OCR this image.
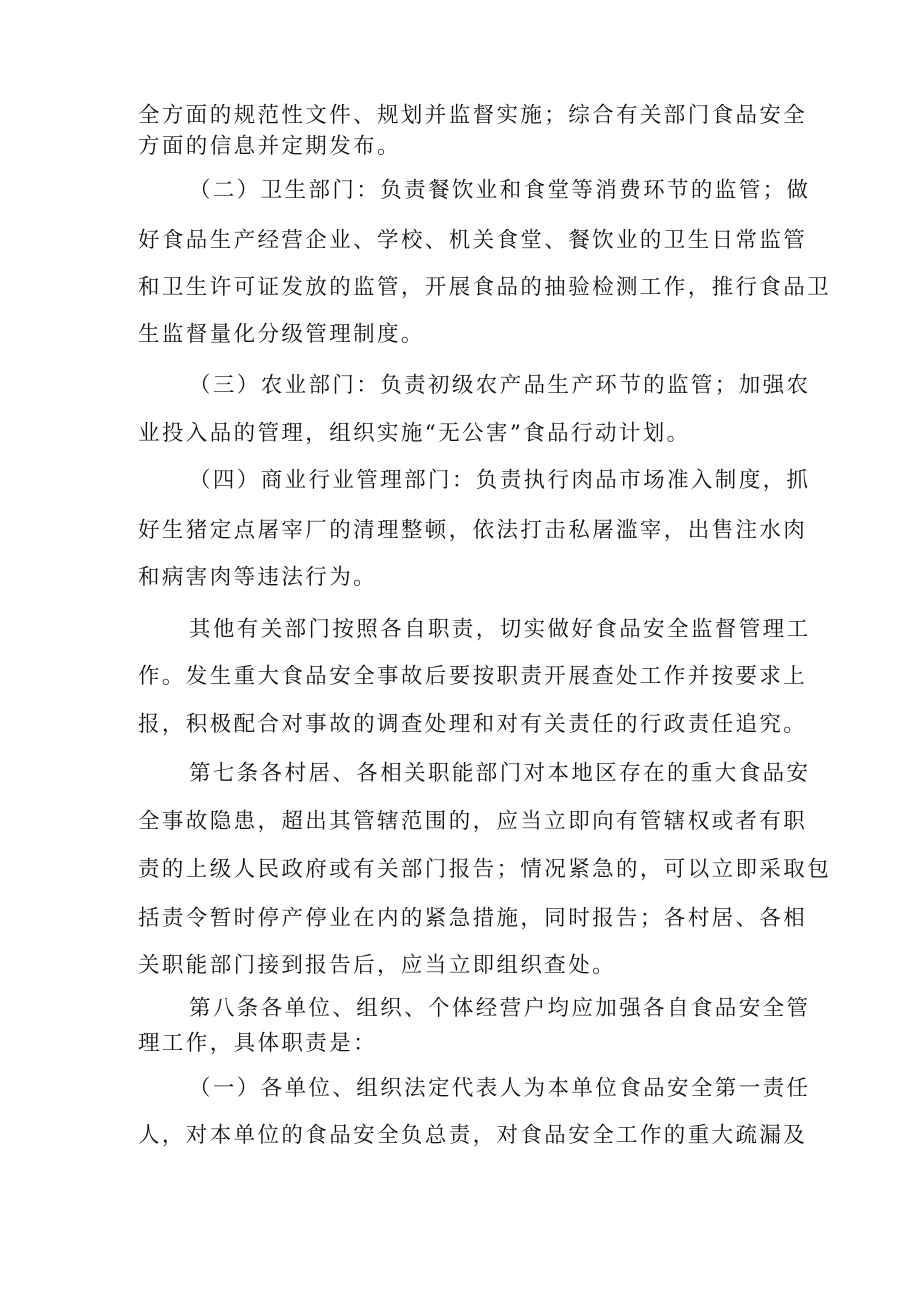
全方面的规范性文件、规划并监督实施；综合有关部门食品安全
方面的信息并定期发布。
（二）卫生部门：负责餐饮业和食堂等消费环节的监管；做
好食品生产经营企业、学校、机关食堂、餐饮业的卫生日常监管
和卫生许可证发放的监管，开展食品的抽验检测工作，推行食品卫
生监督量化分级管理制度。
（三）农业部门：负责初级农产品生产环节的监管；加强农
业投入品的管理，组织实施“无公害”食品行动计划。
（四）商业行业管理部门：负责执行肉品市场准入制度，抓
好生猪定点屠宰厂的清理整顿，依法打击私屠滥宰，出售注水肉
和病害肉等违法行为。
其他有关部门按照各自职责，切实做好食品安全监督管理工
作。发生重大食品安全事故后要按职责开展查处工作并按要求上
报，积极配合对事故的调查处理和对有关责任的行政责任追究。
第七条各村居、各相关职能部门对本地区存在的重大食品安
全事故隐患，超出其管辖范围的，应当立即向有管辖权或者有职
责的上级人民政府或有关部门报告；情况紧急的，可以立即采取包
括责令暂时停产停业在内的紧急措施，同时报告；各村居、各相
关职能部门接到报告后，应当立即组织查处。
第八条各单位、组织、个体经营户均应加强各自食品安全管
理工作，具体职责是：
（一）各单位、组织法定代表人为本单位食品安全第一责任
人，对本单位的食品安全负总责，对食品安全工作的重大疏漏及
